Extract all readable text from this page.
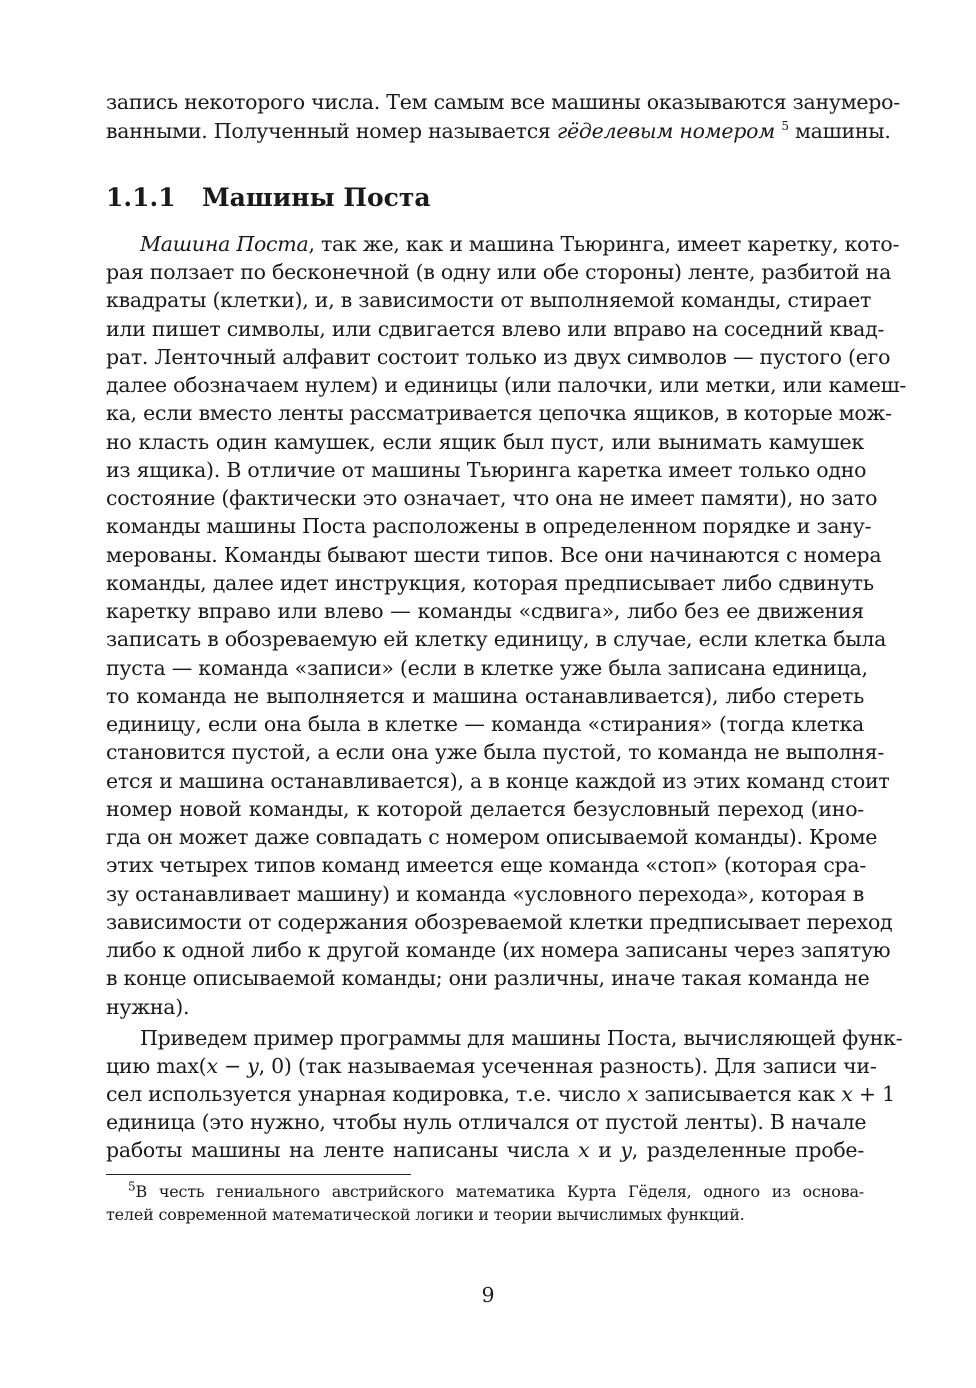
запись некоторого числа. Тем самым все машины оказываются занумеро-
ванными. Полученный номер называется гёделевым номером $^5$ машины.
1.1.1 Машины Поста
Машина Поста, так же, как и машина Тьюринга, имеет каретку, кото-
рая ползает по бесконечной (в одну или обе стороны) ленте, разбитой на
квадраты (клетки), и, в зависимости от выполняемой команды, стирает
или пишет символы, или сдвигается влево или вправо на соседний квад-
рат. Ленточный алфавит состоит только из двух символов — пустого (его
далее обозначаем нулем) и единицы (или палочки, или метки, или камеш-
ка, если вместо ленты рассматривается цепочка ящиков, в которые мож-
но класть один камушек, если ящик был пуст, или вынимать камушек
из ящика). В отличие от машины Тьюринга каретка имеет только одно
состояние (фактически это означает, что она не имеет памяти), но зато
команды машины Поста расположены в определенном порядке и зану-
мерованы. Команды бывают шести типов. Все они начинаются с номера
команды, далее идет инструкция, которая предписывает либо сдвинуть
каретку вправо или влево — команды «сдвига», либо без ее движения
записать в обозреваемую ей клетку единицу, в случае, если клетка была
пуста — команда «записи» (если в клетке уже была записана единица,
то команда не выполняется и машина останавливается), либо стереть
единицу, если она была в клетке — команда «стирания» (тогда клетка
становится пустой, а если она уже была пустой, то команда не выполня-
ется и машина останавливается), а в конце каждой из этих команд стоит
номер новой команды, к которой делается безусловный переход (ино-
гда он может даже совпадать с номером описываемой команды). Кроме
этих четырех типов команд имеется еще команда «стоп» (которая сра-
зу останавливает машину) и команда «условного перехода», которая в
зависимости от содержания обозреваемой клетки предписывает переход
либо к одной либо к другой команде (их номера записаны через запятую
в конце описываемой команды; они различны, иначе такая команда не
нужна).
Приведем пример программы для машины Поста, вычисляющей функ-
цию max(x − y, 0) (так называемая усеченная разность). Для записи чи-
сел используется унарная кодировка, т.е. число x записывается как x + 1
единица (это нужно, чтобы нуль отличался от пустой ленты). В начале
работы машины на ленте написаны числа x и y, разделенные пробе-
$^5$В честь гениального австрийского математика Курта Гёделя, одного из основа-
телей современной математической логики и теории вычислимых функций.
9
